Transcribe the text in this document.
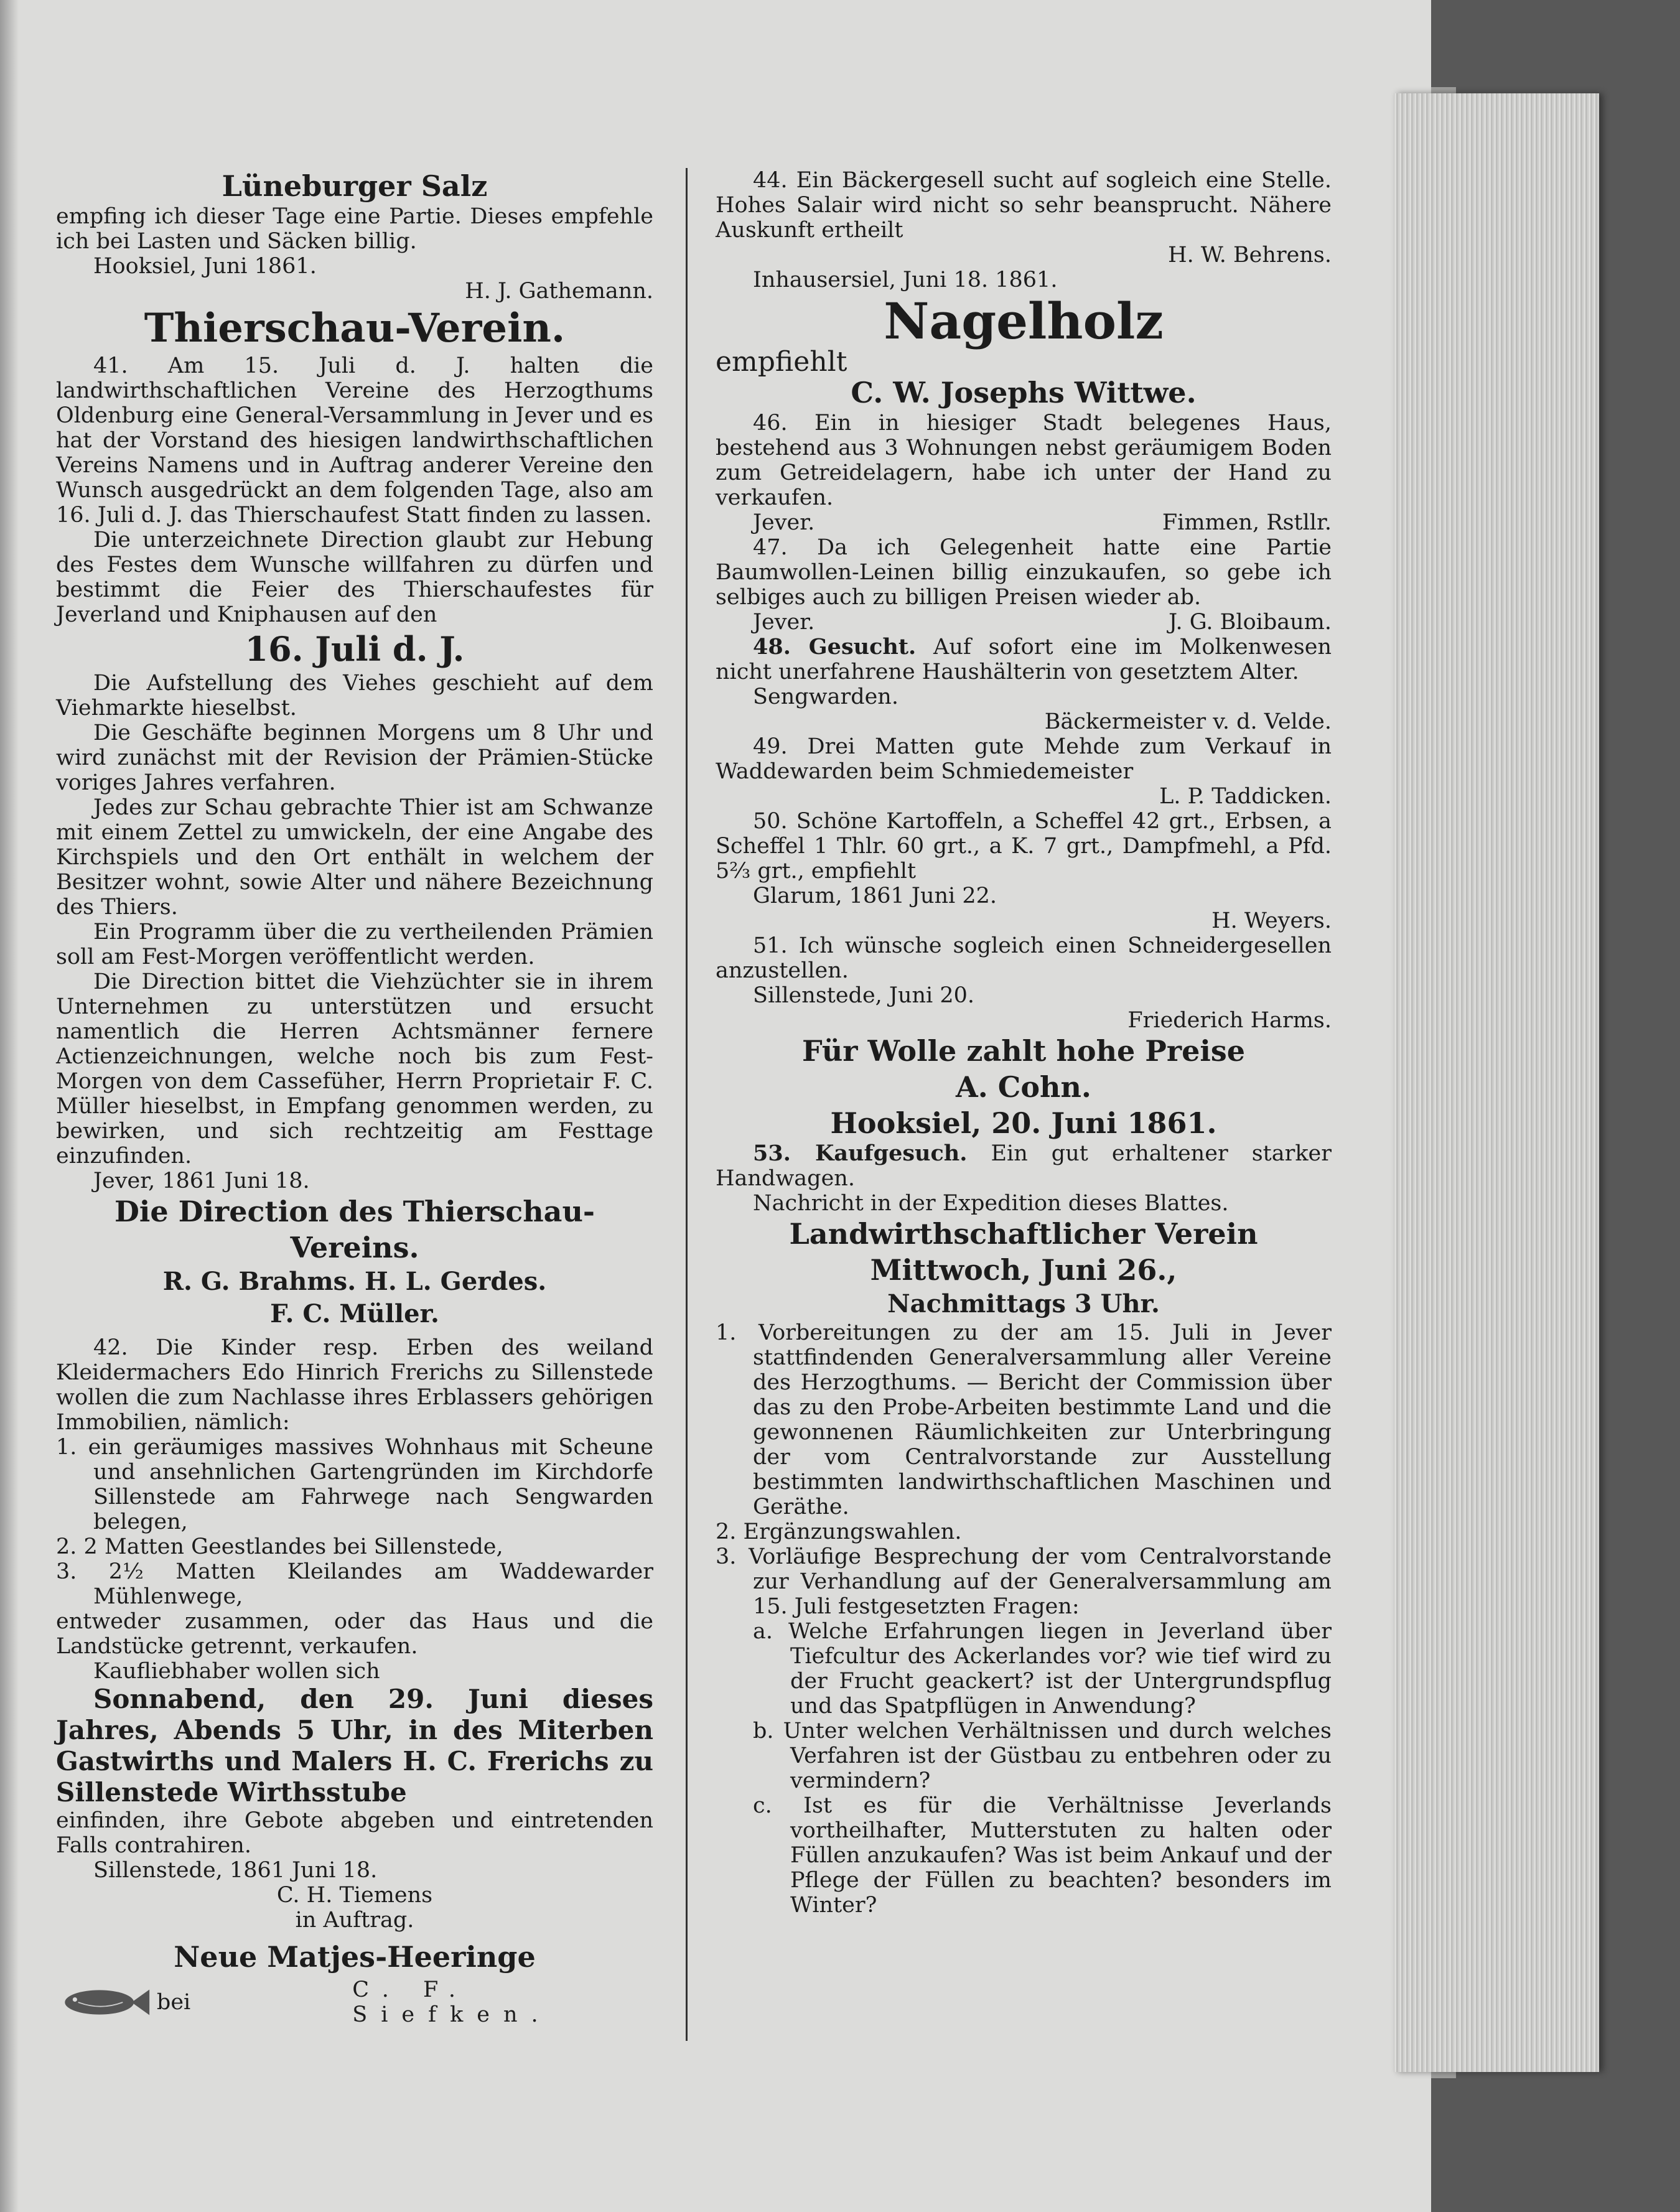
Lüneburger Salz

empfing ich dieser Tage eine Partie. Dieses empfehle ich bei Lasten und Säcken billig.

Hooksiel, Juni 1861.

H. J. Gathemann.

Thierschau-Verein.

41. Am 15. Juli d. J. halten die landwirthschaftlichen Vereine des Herzogthums Oldenburg eine General-Versammlung in Jever und es hat der Vorstand des hiesigen landwirthschaftlichen Vereins Namens und in Auftrag anderer Vereine den Wunsch ausgedrückt an dem folgenden Tage, also am 16. Juli d. J. das Thierschaufest Statt finden zu lassen.

Die unterzeichnete Direction glaubt zur Hebung des Festes dem Wunsche willfahren zu dürfen und bestimmt die Feier des Thierschaufestes für Jeverland und Kniphausen auf den

16. Juli d. J.

Die Aufstellung des Viehes geschieht auf dem Viehmarkte hieselbst.

Die Geschäfte beginnen Morgens um 8 Uhr und wird zunächst mit der Revision der Prämien-Stücke voriges Jahres verfahren.

Jedes zur Schau gebrachte Thier ist am Schwanze mit einem Zettel zu umwickeln, der eine Angabe des Kirchspiels und den Ort enthält in welchem der Besitzer wohnt, sowie Alter und nähere Bezeichnung des Thiers.

Ein Programm über die zu vertheilenden Prämien soll am Fest-Morgen veröffentlicht werden.

Die Direction bittet die Viehzüchter sie in ihrem Unternehmen zu unterstützen und ersucht namentlich die Herren Achtsmänner fernere Actienzeichnungen, welche noch bis zum Fest-Morgen von dem Cassefüher, Herrn Proprietair F. C. Müller hieselbst, in Empfang genommen werden, zu bewirken, und sich rechtzeitig am Festtage einzufinden.

Jever, 1861 Juni 18.

Die Direction des Thierschau-Vereins.

R. G. Brahms. H. L. Gerdes.

F. C. Müller.

42. Die Kinder resp. Erben des weiland Kleidermachers Edo Hinrich Frerichs zu Sillenstede wollen die zum Nachlasse ihres Erblassers gehörigen Immobilien, nämlich:

1. ein geräumiges massives Wohnhaus mit Scheune und ansehnlichen Gartengründen im Kirchdorfe Sillenstede am Fahrwege nach Sengwarden belegen,

2. 2 Matten Geestlandes bei Sillenstede,

3. 2½ Matten Kleilandes am Waddewarder Mühlenwege,

entweder zusammen, oder das Haus und die Landstücke getrennt, verkaufen.

Kaufliebhaber wollen sich

Sonnabend, den 29. Juni dieses Jahres, Abends 5 Uhr, in des Miterben Gastwirths und Malers H. C. Frerichs zu Sillenstede Wirthsstube

einfinden, ihre Gebote abgeben und eintretenden Falls contrahiren.

Sillenstede, 1861 Juni 18.

C. H. Tiemens

in Auftrag.

Neue Matjes-Heeringe

bei	C. F. Siefken.

44. Ein Bäckergesell sucht auf sogleich eine Stelle. Hohes Salair wird nicht so sehr beansprucht. Nähere Auskunft ertheilt

H. W. Behrens.

Inhausersiel, Juni 18. 1861.

Nagelholz

empfiehlt

C. W. Josephs Wittwe.

46. Ein in hiesiger Stadt belegenes Haus, bestehend aus 3 Wohnungen nebst geräumigem Boden zum Getreidelagern, habe ich unter der Hand zu verkaufen.

Jever.	Fimmen, Rstllr.

47. Da ich Gelegenheit hatte eine Partie Baumwollen-Leinen billig einzukaufen, so gebe ich selbiges auch zu billigen Preisen wieder ab.

Jever.	J. G. Bloibaum.

48. Gesucht. Auf sofort eine im Molkenwesen nicht unerfahrene Haushälterin von gesetztem Alter.

Sengwarden.

Bäckermeister v. d. Velde.

49. Drei Matten gute Mehde zum Verkauf in Waddewarden beim Schmiedemeister

L. P. Taddicken.

50. Schöne Kartoffeln, a Scheffel 42 grt., Erbsen, a Scheffel 1 Thlr. 60 grt., a K. 7 grt., Dampfmehl, a Pfd. 5⅔ grt., empfiehlt

Glarum, 1861 Juni 22.

H. Weyers.

51. Ich wünsche sogleich einen Schneidergesellen anzustellen.

Sillenstede, Juni 20.

Friederich Harms.

Für Wolle zahlt hohe Preise

A. Cohn.

Hooksiel, 20. Juni 1861.

53. Kaufgesuch. Ein gut erhaltener starker Handwagen.

Nachricht in der Expedition dieses Blattes.

Landwirthschaftlicher Verein

Mittwoch, Juni 26.,

Nachmittags 3 Uhr.

1. Vorbereitungen zu der am 15. Juli in Jever stattfindenden Generalversammlung aller Vereine des Herzogthums. — Bericht der Commission über das zu den Probe-Arbeiten bestimmte Land und die gewonnenen Räumlichkeiten zur Unterbringung der vom Centralvorstande zur Ausstellung bestimmten landwirthschaftlichen Maschinen und Geräthe.

2. Ergänzungswahlen.

3. Vorläufige Besprechung der vom Centralvorstande zur Verhandlung auf der Generalversammlung am 15. Juli festgesetzten Fragen:

a. Welche Erfahrungen liegen in Jeverland über Tiefcultur des Ackerlandes vor? wie tief wird zu der Frucht geackert? ist der Untergrundspflug und das Spatpflügen in Anwendung?

b. Unter welchen Verhältnissen und durch welches Verfahren ist der Güstbau zu entbehren oder zu vermindern?

c. Ist es für die Verhältnisse Jeverlands vortheilhafter, Mutterstuten zu halten oder Füllen anzukaufen? Was ist beim Ankauf und der Pflege der Füllen zu beachten? besonders im Winter?
